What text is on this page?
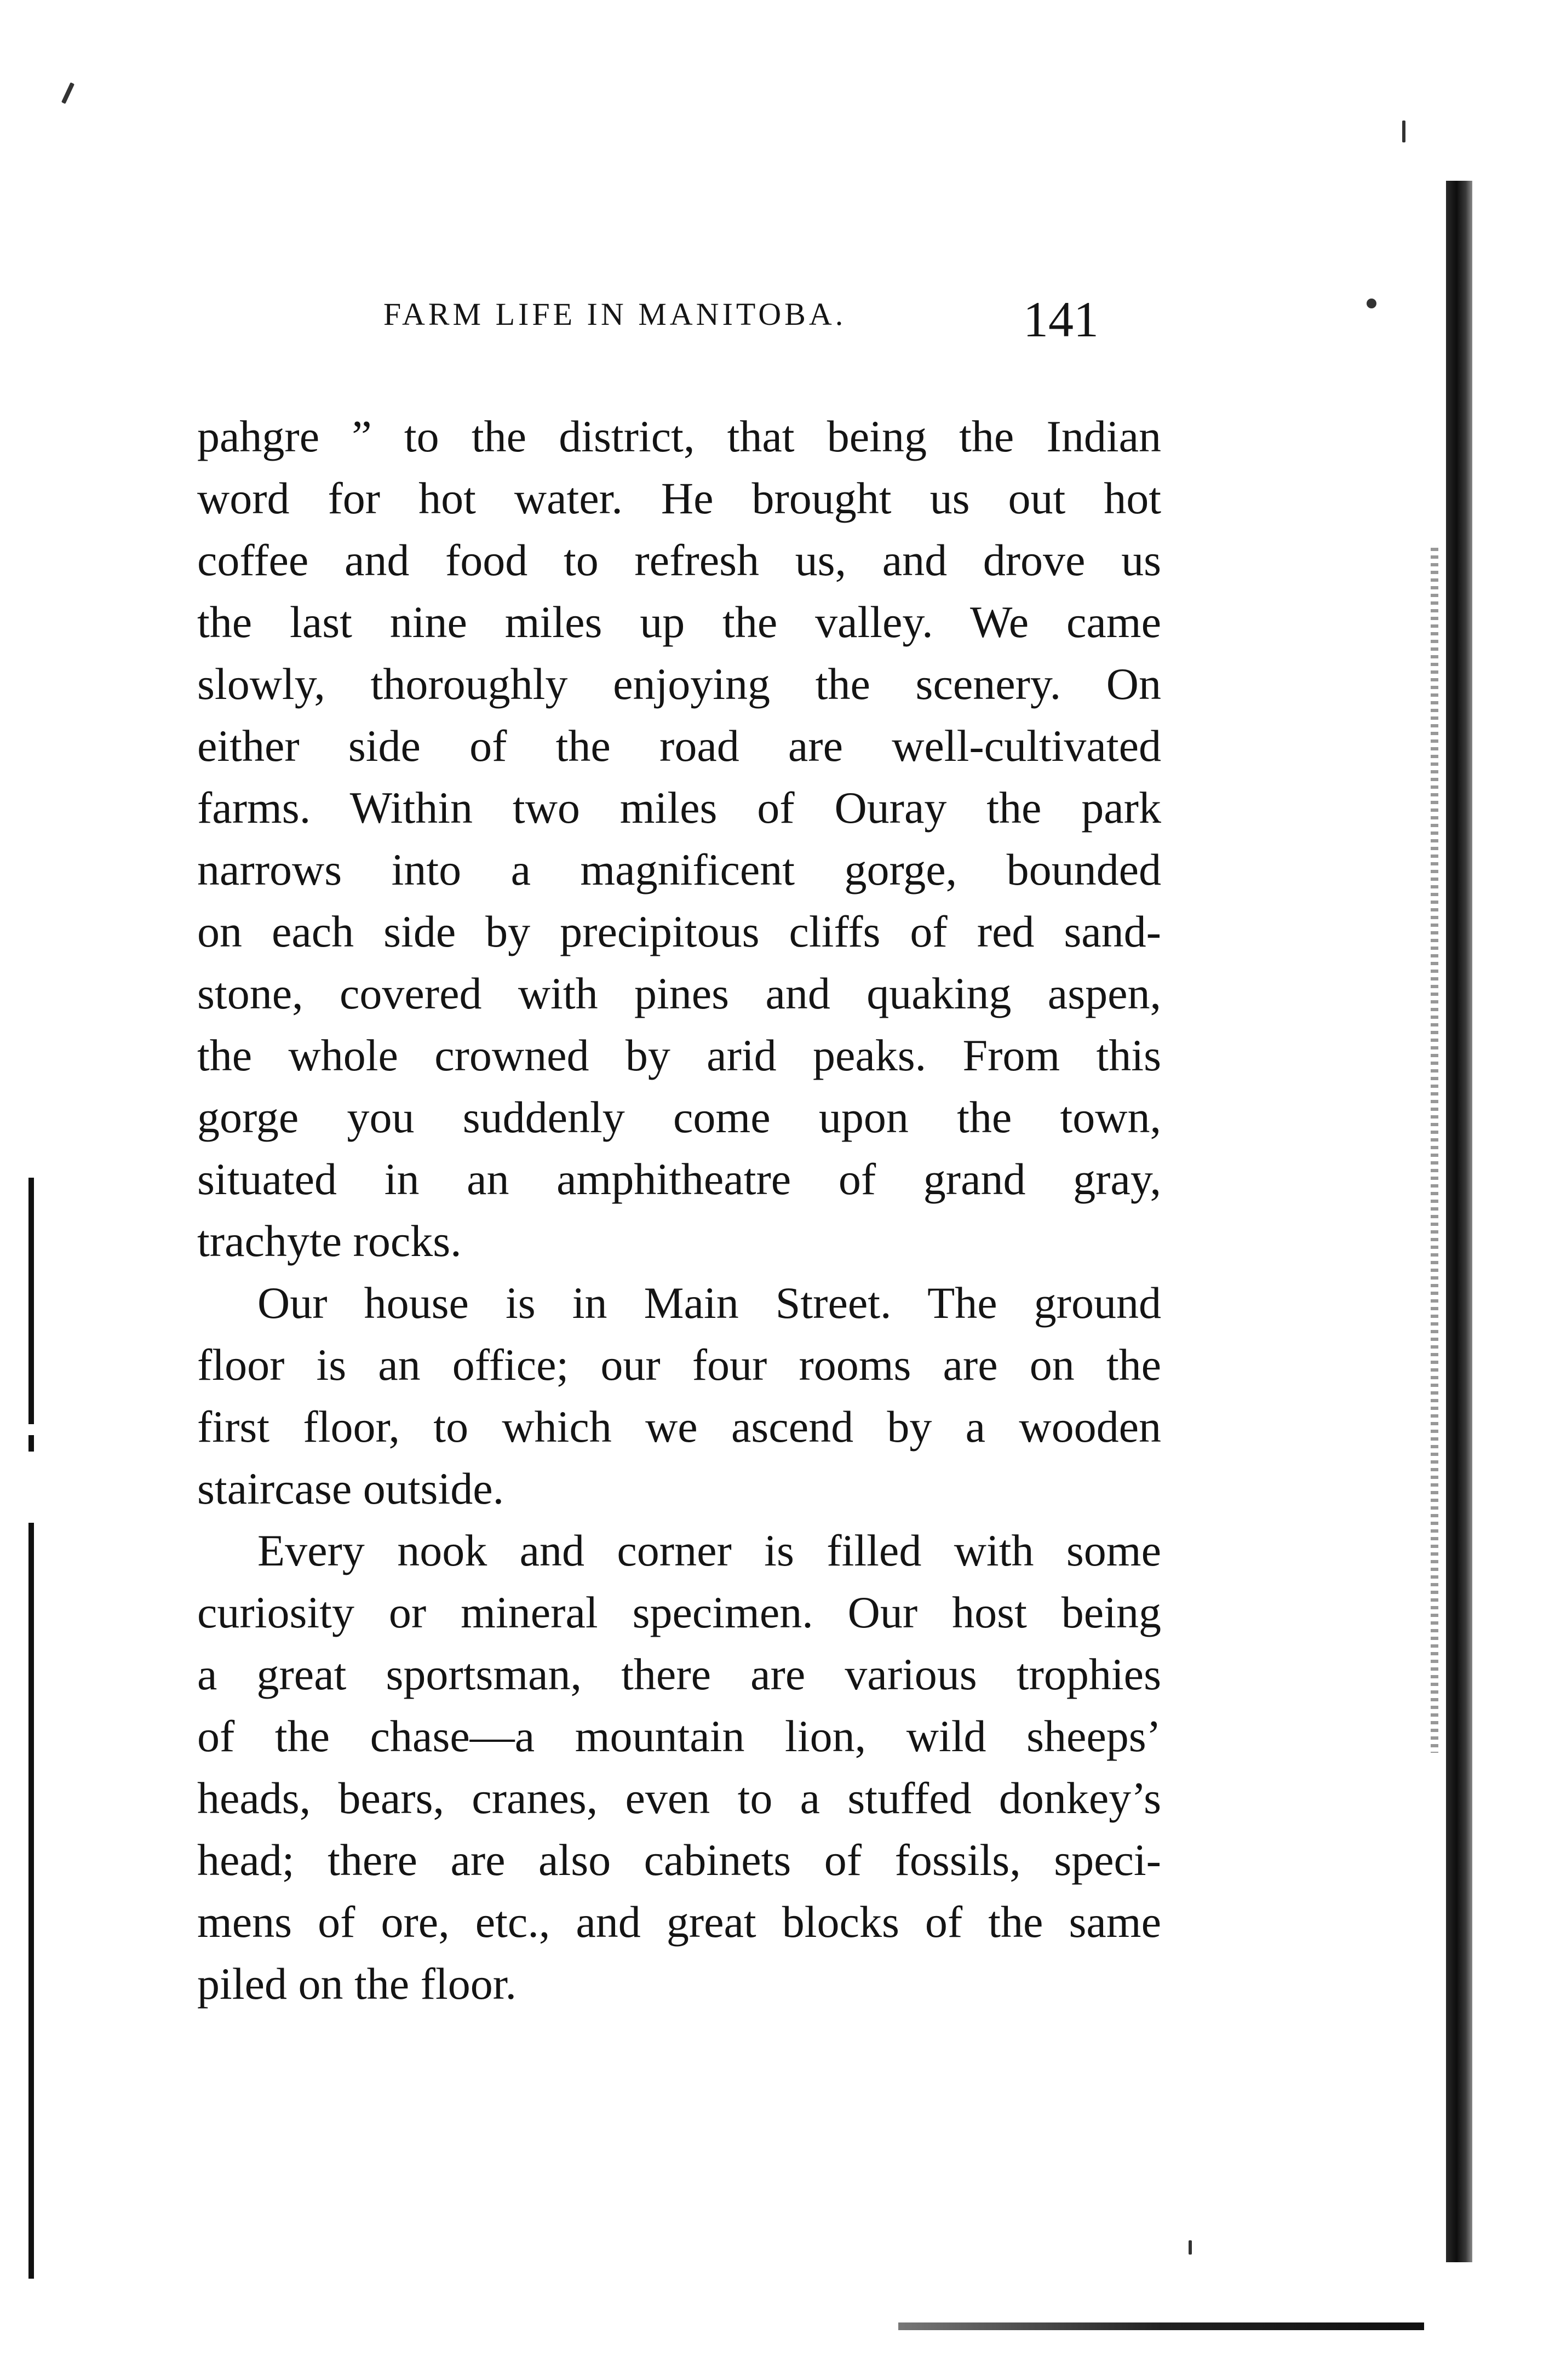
FARM LIFE IN MANITOBA.	141
pahgre ” to the district, that being the Indian
word for hot water. He brought us out hot
coffee and food to refresh us, and drove us
the last nine miles up the valley. We came
slowly, thoroughly enjoying the scenery. On
either side of the road are well-cultivated
farms. Within two miles of Ouray the park
narrows into a magnificent gorge, bounded
on each side by precipitous cliffs of red sand-
stone, covered with pines and quaking aspen,
the whole crowned by arid peaks. From this
gorge you suddenly come upon the town,
situated in an amphitheatre of grand gray,
trachyte rocks.
Our house is in Main Street. The ground
floor is an office; our four rooms are on the
first floor, to which we ascend by a wooden
staircase outside.
Every nook and corner is filled with some
curiosity or mineral specimen. Our host being
a great sportsman, there are various trophies
of the chase—a mountain lion, wild sheeps’
heads, bears, cranes, even to a stuffed donkey’s
head; there are also cabinets of fossils, speci-
mens of ore, etc., and great blocks of the same
piled on the floor.
